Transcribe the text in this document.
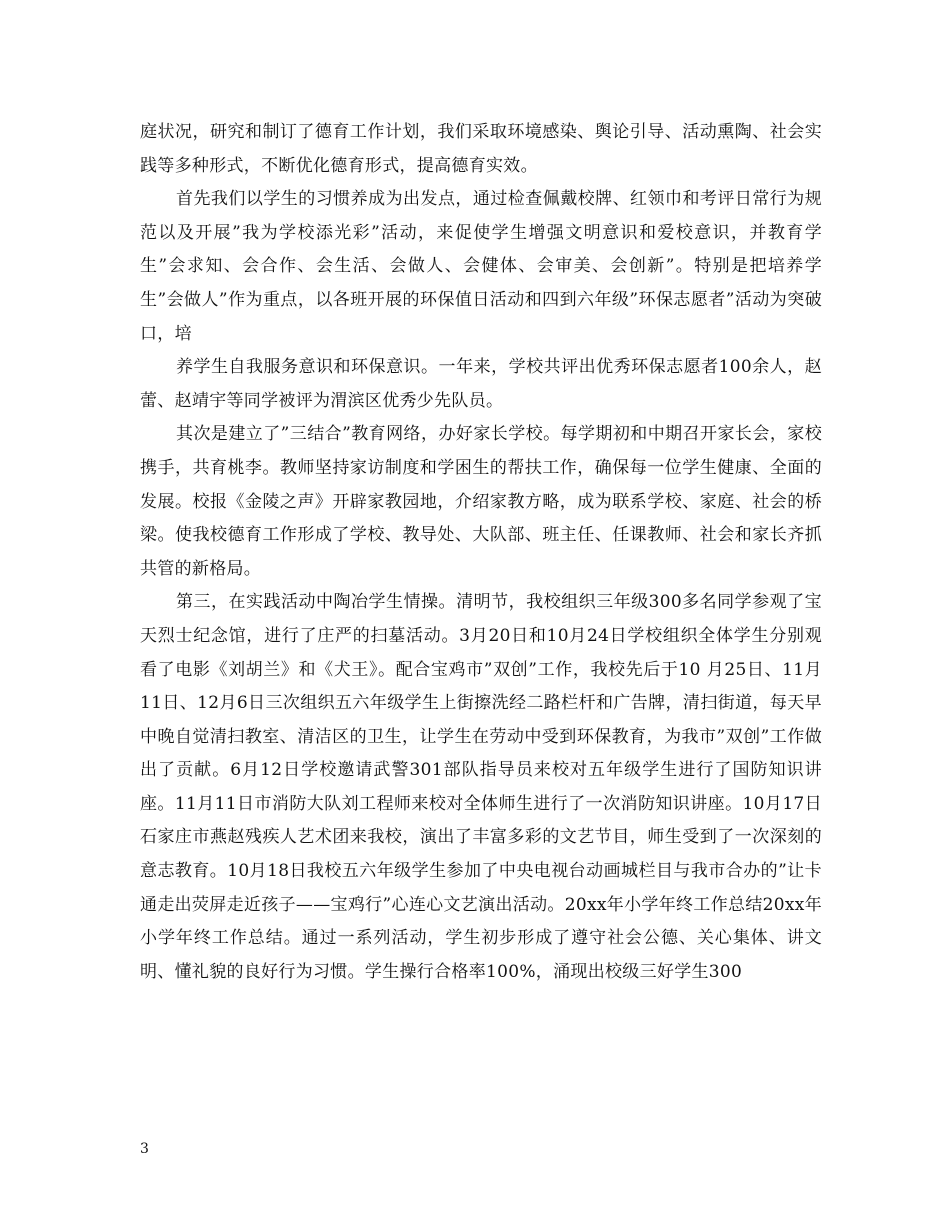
庭状况，研究和制订了德育工作计划，我们采取环境感染、舆论引导、活动熏陶、社会实践等多种形式，不断优化德育形式，提高德育实效。

首先我们以学生的习惯养成为出发点，通过检查佩戴校牌、红领巾和考评日常行为规范以及开展”我为学校添光彩”活动，来促使学生增强文明意识和爱校意识，并教育学生”会求知、会合作、会生活、会做人、会健体、会审美、会创新”。特别是把培养学生”会做人”作为重点，以各班开展的环保值日活动和四到六年级”环保志愿者”活动为突破口，培

养学生自我服务意识和环保意识。一年来，学校共评出优秀环保志愿者100余人，赵蕾、赵靖宇等同学被评为渭滨区优秀少先队员。

其次是建立了”三结合”教育网络，办好家长学校。每学期初和中期召开家长会，家校携手，共育桃李。教师坚持家访制度和学困生的帮扶工作，确保每一位学生健康、全面的发展。校报《金陵之声》开辟家教园地，介绍家教方略，成为联系学校、家庭、社会的桥梁。使我校德育工作形成了学校、教导处、大队部、班主任、任课教师、社会和家长齐抓共管的新格局。

第三，在实践活动中陶冶学生情操。清明节，我校组织三年级300多名同学参观了宝天烈士纪念馆，进行了庄严的扫墓活动。3月20日和10月24日学校组织全体学生分别观看了电影《刘胡兰》和《犬王》。配合宝鸡市”双创”工作，我校先后于10 月25日、11月11日、12月6日三次组织五六年级学生上街擦洗经二路栏杆和广告牌，清扫街道，每天早中晚自觉清扫教室、清洁区的卫生，让学生在劳动中受到环保教育，为我市”双创”工作做出了贡献。6月12日学校邀请武警301部队指导员来校对五年级学生进行了国防知识讲座。11月11日市消防大队刘工程师来校对全体师生进行了一次消防知识讲座。10月17日石家庄市燕赵残疾人艺术团来我校，演出了丰富多彩的文艺节目，师生受到了一次深刻的意志教育。10月18日我校五六年级学生参加了中央电视台动画城栏目与我市合办的”让卡通走出荧屏走近孩子——宝鸡行”心连心文艺演出活动。20xx年小学年终工作总结20xx年小学年终工作总结。通过一系列活动，学生初步形成了遵守社会公德、关心集体、讲文明、懂礼貌的良好行为习惯。学生操行合格率100%，涌现出校级三好学生300

3
